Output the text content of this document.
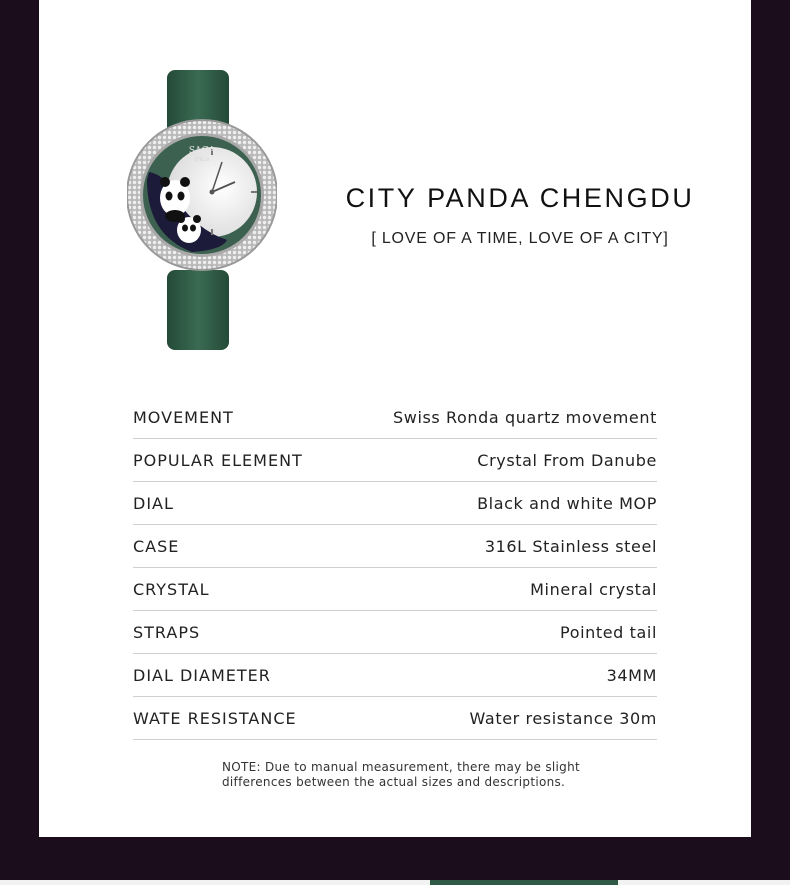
SAGA
STELLA
CITY PANDA CHENGDU
[ LOVE OF A TIME, LOVE OF A CITY]
MOVEMENT	Swiss Ronda quartz movement
POPULAR ELEMENT	Crystal From Danube
DIAL	Black and white MOP
CASE	316L Stainless steel
CRYSTAL	Mineral crystal
STRAPS	Pointed tail
DIAL DIAMETER	34MM
WATE RESISTANCE	Water resistance 30m
NOTE: Due to manual measurement, there may be slight
differences between the actual sizes and descriptions.
